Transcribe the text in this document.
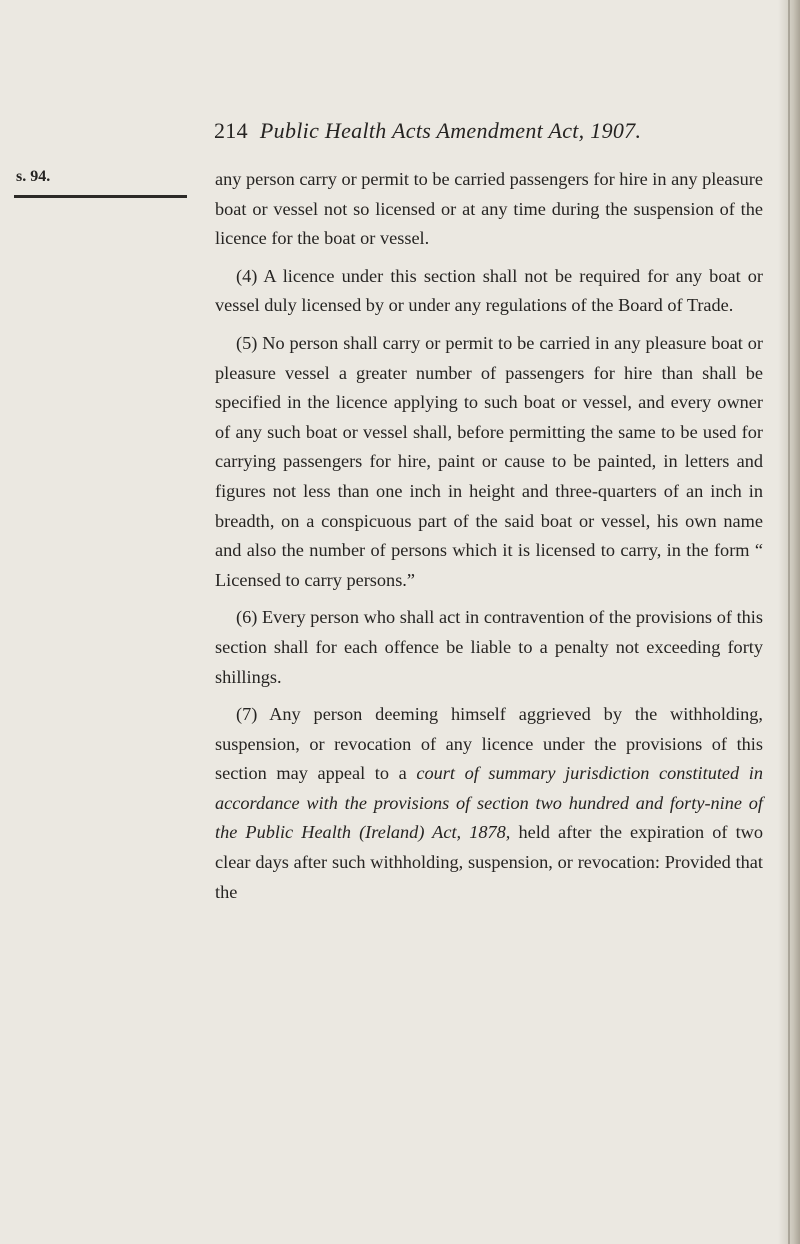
214 Public Health Acts Amendment Act, 1907.
s. 94.	any person carry or permit to be carried passengers for hire in any pleasure boat or vessel not so licensed or at any time during the suspension of the licence for the boat or vessel.

(4) A licence under this section shall not be required for any boat or vessel duly licensed by or under any regulations of the Board of Trade.

(5) No person shall carry or permit to be carried in any pleasure boat or pleasure vessel a greater number of passengers for hire than shall be specified in the licence applying to such boat or vessel, and every owner of any such boat or vessel shall, before permitting the same to be used for carrying passengers for hire, paint or cause to be painted, in letters and figures not less than one inch in height and three-quarters of an inch in breadth, on a conspicuous part of the said boat or vessel, his own name and also the number of persons which it is licensed to carry, in the form “ Licensed to carry persons.”

(6) Every person who shall act in contravention of the provisions of this section shall for each offence be liable to a penalty not exceeding forty shillings.

(7) Any person deeming himself aggrieved by the withholding, suspension, or revocation of any licence under the provisions of this section may appeal to a court of summary jurisdiction constituted in accordance with the provisions of section two hundred and forty-nine of the Public Health (Ireland) Act, 1878, held after the expiration of two clear days after such withholding, suspension, or revocation: Provided that the
